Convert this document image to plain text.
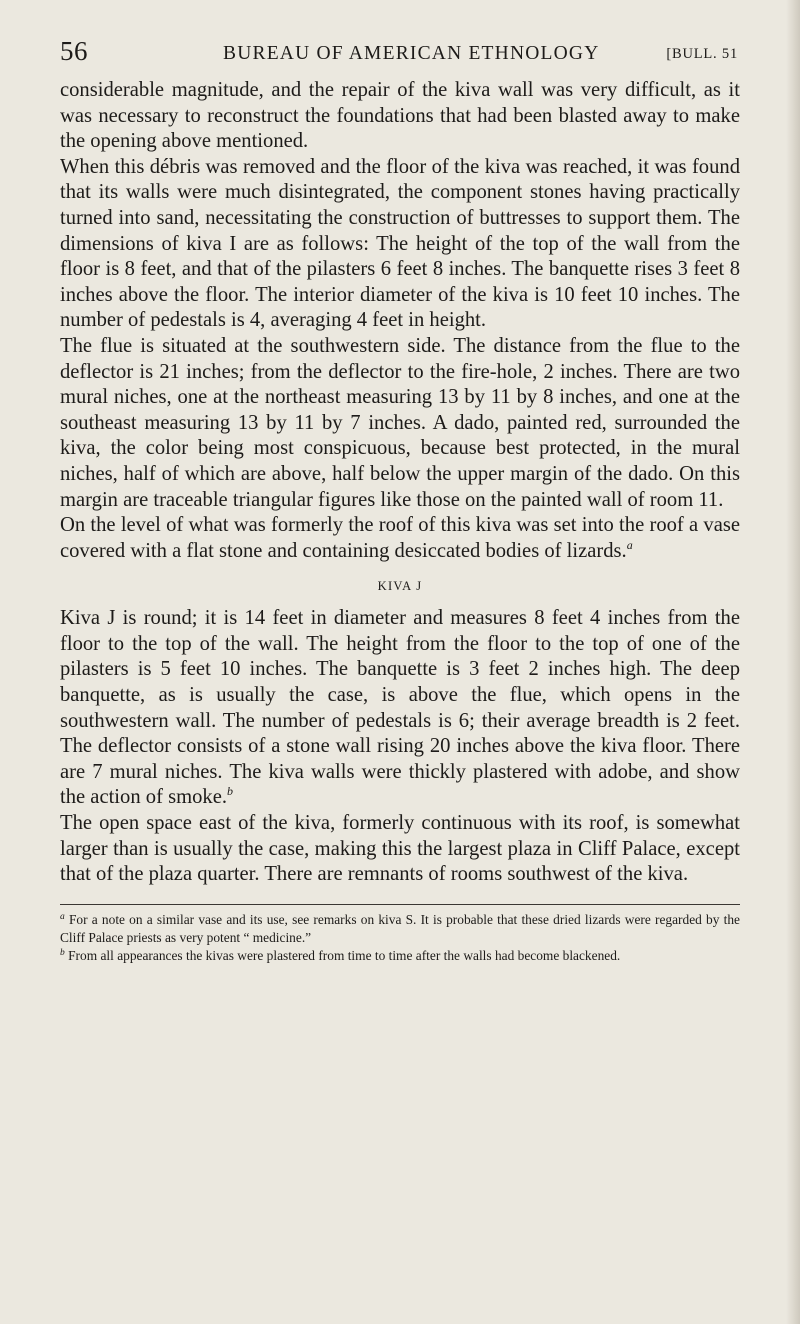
56	BUREAU OF AMERICAN ETHNOLOGY	[BULL. 51

considerable magnitude, and the repair of the kiva wall was very difficult, as it was necessary to reconstruct the foundations that had been blasted away to make the opening above mentioned.

When this débris was removed and the floor of the kiva was reached, it was found that its walls were much disintegrated, the component stones having practically turned into sand, necessitating the construction of buttresses to support them. The dimensions of kiva I are as follows: The height of the top of the wall from the floor is 8 feet, and that of the pilasters 6 feet 8 inches. The banquette rises 3 feet 8 inches above the floor. The interior diameter of the kiva is 10 feet 10 inches. The number of pedestals is 4, averaging 4 feet in height.

The flue is situated at the southwestern side. The distance from the flue to the deflector is 21 inches; from the deflector to the fire-hole, 2 inches. There are two mural niches, one at the northeast measuring 13 by 11 by 8 inches, and one at the southeast measuring 13 by 11 by 7 inches. A dado, painted red, surrounded the kiva, the color being most conspicuous, because best protected, in the mural niches, half of which are above, half below the upper margin of the dado. On this margin are traceable triangular figures like those on the painted wall of room 11.

On the level of what was formerly the roof of this kiva was set into the roof a vase covered with a flat stone and containing desiccated bodies of lizards.$^a$

KIVA J

Kiva J is round; it is 14 feet in diameter and measures 8 feet 4 inches from the floor to the top of the wall. The height from the floor to the top of one of the pilasters is 5 feet 10 inches. The banquette is 3 feet 2 inches high. The deep banquette, as is usually the case, is above the flue, which opens in the southwestern wall. The number of pedestals is 6; their average breadth is 2 feet. The deflector consists of a stone wall rising 20 inches above the kiva floor. There are 7 mural niches. The kiva walls were thickly plastered with adobe, and show the action of smoke.$^b$

The open space east of the kiva, formerly continuous with its roof, is somewhat larger than is usually the case, making this the largest plaza in Cliff Palace, except that of the plaza quarter. There are remnants of rooms southwest of the kiva.

$^a$ For a note on a similar vase and its use, see remarks on kiva S. It is probable that these dried lizards were regarded by the Cliff Palace priests as very potent “ medicine.”

$^b$ From all appearances the kivas were plastered from time to time after the walls had become blackened.
